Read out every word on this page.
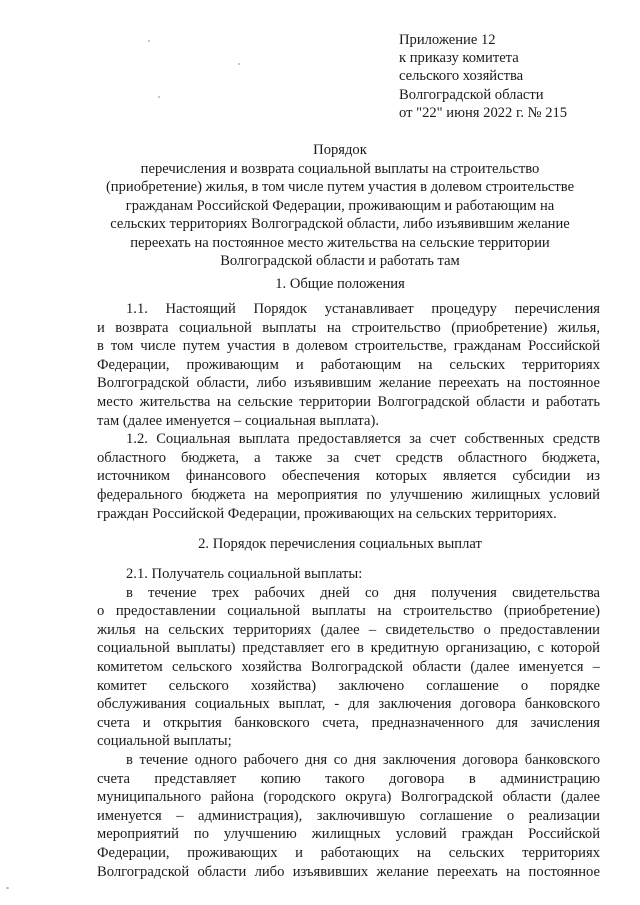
Приложение 12
к приказу комитета
сельского хозяйства
Волгоградской области
от "22" июня 2022 г. № 215
Порядок
перечисления и возврата социальной выплаты на строительство
(приобретение) жилья, в том числе путем участия в долевом строительстве
гражданам Российской Федерации, проживающим и работающим на
сельских территориях Волгоградской области, либо изъявившим желание
переехать на постоянное место жительства на сельские территории
Волгоградской области и работать там
1. Общие положения
1.1. Настоящий Порядок устанавливает процедуру перечисления
и возврата социальной выплаты на строительство (приобретение) жилья,
в том числе путем участия в долевом строительстве, гражданам Российской
Федерации, проживающим и работающим на сельских территориях
Волгоградской области, либо изъявившим желание переехать на постоянное
место жительства на сельские территории Волгоградской области и работать
там (далее именуется – социальная выплата).
1.2. Социальная выплата предоставляется за счет собственных средств
областного бюджета, а также за счет средств областного бюджета,
источником финансового обеспечения которых является субсидии из
федерального бюджета на мероприятия по улучшению жилищных условий
граждан Российской Федерации, проживающих на сельских территориях.
2. Порядок перечисления социальных выплат
2.1. Получатель социальной выплаты:
в течение трех рабочих дней со дня получения свидетельства
о предоставлении социальной выплаты на строительство (приобретение)
жилья на сельских территориях (далее – свидетельство о предоставлении
социальной выплаты) представляет его в кредитную организацию, с которой
комитетом сельского хозяйства Волгоградской области (далее именуется –
комитет сельского хозяйства) заключено соглашение о порядке
обслуживания социальных выплат, - для заключения договора банковского
счета и открытия банковского счета, предназначенного для зачисления
социальной выплаты;
в течение одного рабочего дня со дня заключения договора банковского
счета представляет копию такого договора в администрацию
муниципального района (городского округа) Волгоградской области (далее
именуется – администрация), заключившую соглашение о реализации
мероприятий по улучшению жилищных условий граждан Российской
Федерации, проживающих и работающих на сельских территориях
Волгоградской области либо изъявивших желание переехать на постоянное
